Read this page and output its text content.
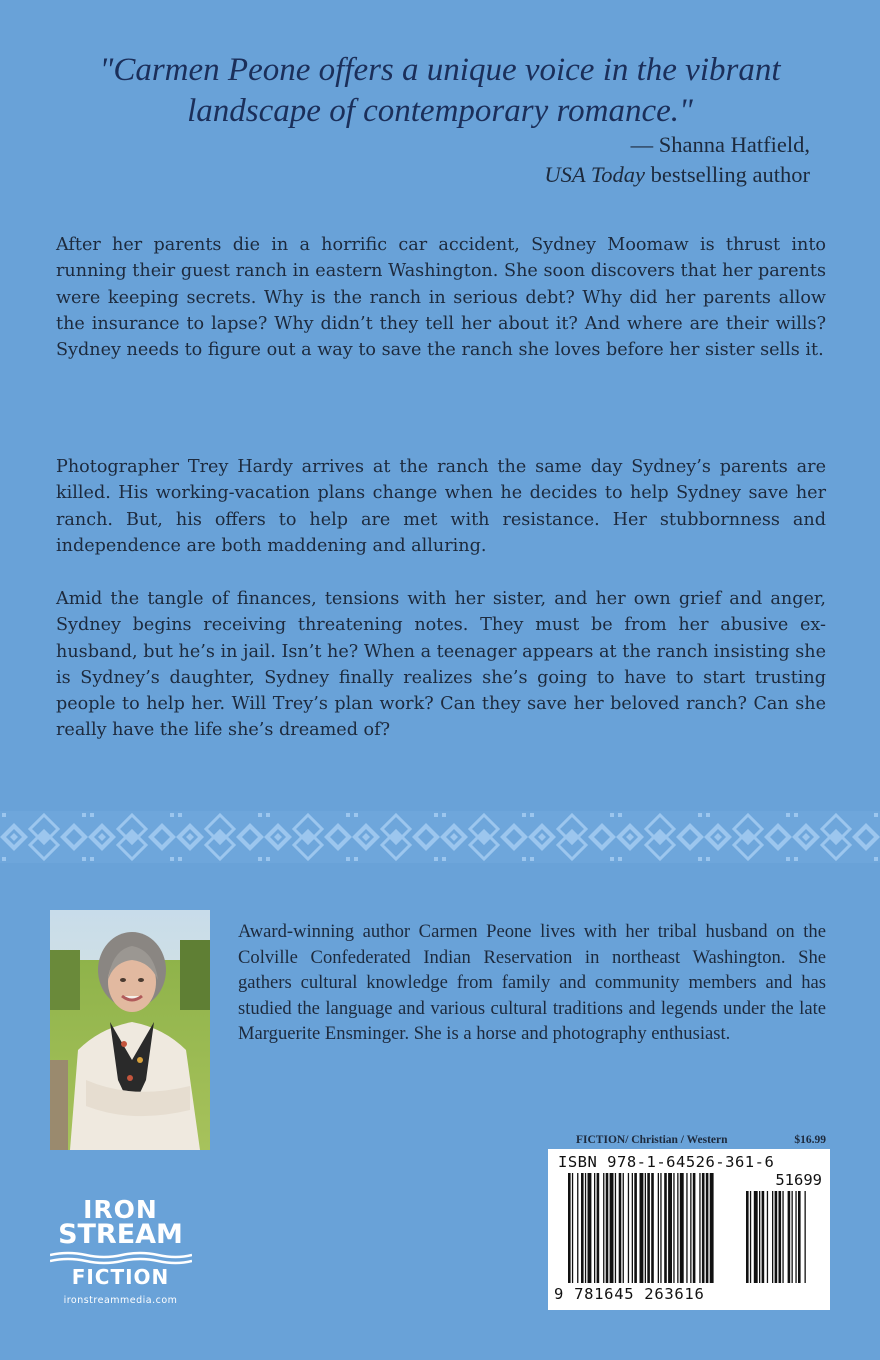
"Carmen Peone offers a unique voice in the vibrant
landscape of contemporary romance."
— Shanna Hatfield,
USA Today bestselling author

After her parents die in a horrific car accident, Sydney Moomaw is thrust into running their guest ranch in eastern Washington. She soon discovers that her parents were keeping secrets. Why is the ranch in serious debt? Why did her parents allow the insurance to lapse? Why didn’t they tell her about it? And where are their wills? Sydney needs to figure out a way to save the ranch she loves before her sister sells it.

Photographer Trey Hardy arrives at the ranch the same day Sydney’s parents are killed. His working-vacation plans change when he decides to help Sydney save her ranch. But, his offers to help are met with resistance. Her stubbornness and independence are both maddening and alluring.

Amid the tangle of finances, tensions with her sister, and her own grief and anger, Sydney begins receiving threatening notes. They must be from her abusive ex-husband, but he’s in jail. Isn’t he? When a teenager appears at the ranch insisting she is Sydney’s daughter, Sydney finally realizes she’s going to have to start trusting people to help her. Will Trey’s plan work? Can they save her beloved ranch? Can she really have the life she’s dreamed of?

Award-winning author Carmen Peone lives with her tribal husband on the Colville Confederated Indian Reservation in northeast Washington. She gathers cultural knowledge from family and community members and has studied the language and various cultural traditions and legends under the late Marguerite Ensminger. She is a horse and photography enthusiast.

IRON
STREAM
FICTION
ironstreammedia.com
FICTION/ Christian / Western	$16.99
ISBN 978-1-64526-361-6
51699
9 781645 263616
